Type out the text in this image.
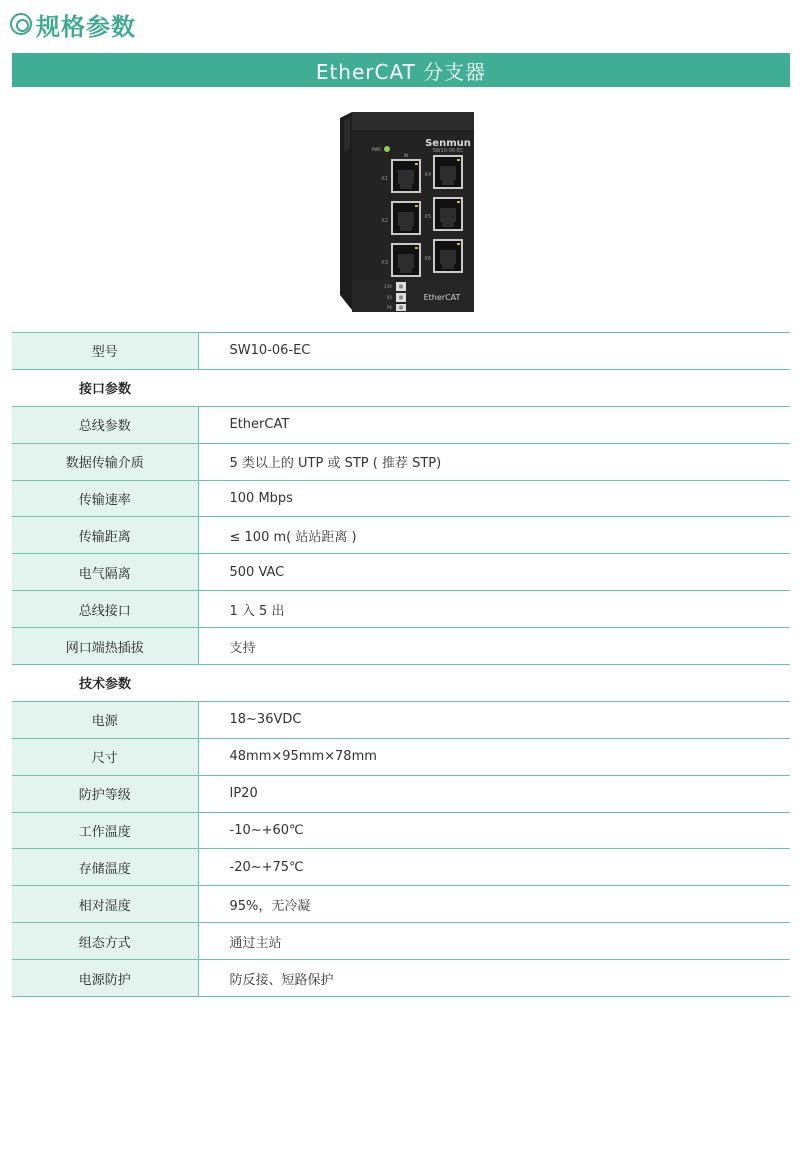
规格参数
EtherCAT 分支器
Senmun
SW10-06-EC
PWR
IN
X1
X4
X2
X5
X3
X6
24V
0V
PE
EtherCAT
型号	SW10-06-EC
接口参数	
总线参数	EtherCAT
数据传输介质	5 类以上的 UTP 或 STP ( 推荐 STP)
传输速率	100 Mbps
传输距离	≤ 100 m( 站站距离 )
电气隔离	500 VAC
总线接口	1 入 5 出
网口端热插拔	支持
技术参数	
电源	18~36VDC
尺寸	48mm×95mm×78mm
防护等级	IP20
工作温度	-10~+60℃
存储温度	-20~+75℃
相对湿度	95%，无冷凝
组态方式	通过主站
电源防护	防反接、短路保护
